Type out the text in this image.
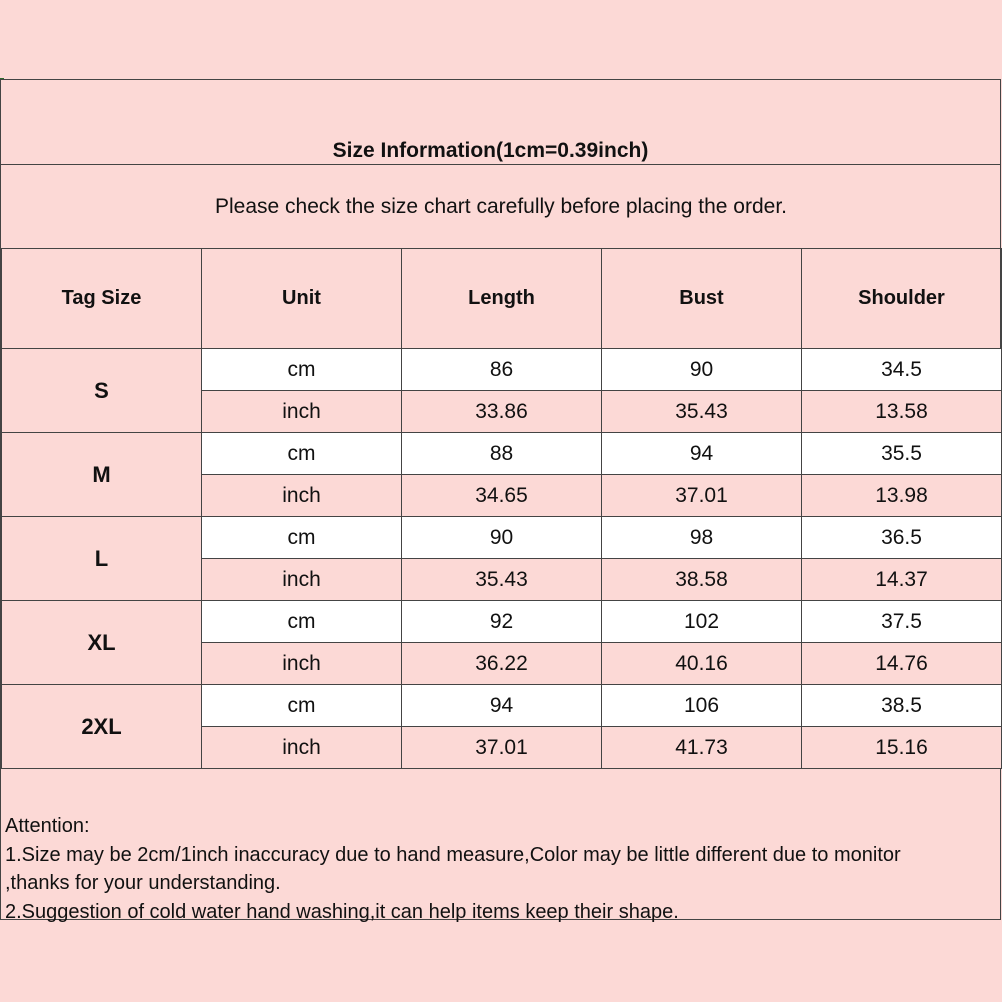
Size Information(1cm=0.39inch)
Please check the size chart carefully before placing the order.
Tag Size	Unit	Length	Bust	Shoulder
S	cm	86	90	34.5
	inch	33.86	35.43	13.58
M	cm	88	94	35.5
	inch	34.65	37.01	13.98
L	cm	90	98	36.5
	inch	35.43	38.58	14.37
XL	cm	92	102	37.5
	inch	36.22	40.16	14.76
2XL	cm	94	106	38.5
	inch	37.01	41.73	15.16
Attention:
1.Size may be 2cm/1inch inaccuracy due to hand measure,Color may be little different due to monitor
,thanks for your understanding.
2.Suggestion of cold water hand washing,it can help items keep their shape.
